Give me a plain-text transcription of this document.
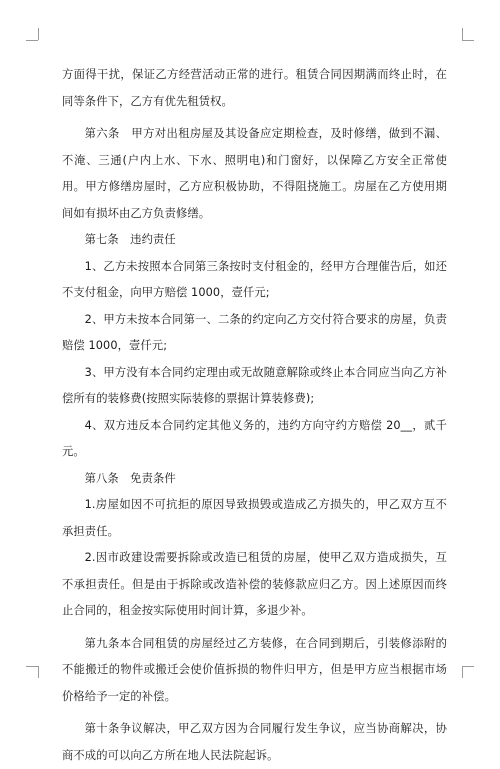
方面得干扰，保证乙方经营活动正常的进行。租赁合同因期满而终止时，在同等条件下，乙方有优先租赁权。

第六条　甲方对出租房屋及其设备应定期检查，及时修缮，做到不漏、不淹、三通(户内上水、下水、照明电)和门窗好，以保障乙方安全正常使用。甲方修缮房屋时，乙方应积极协助，不得阻挠施工。房屋在乙方使用期间如有损坏由乙方负责修缮。

第七条　违约责任

1、乙方未按照本合同第三条按时支付租金的，经甲方合理催告后，如还不支付租金，向甲方赔偿 1000，壹仟元;

2、甲方未按本合同第一、二条的约定向乙方交付符合要求的房屋，负责赔偿 1000，壹仟元;

3、甲方没有本合同约定理由或无故随意解除或终止本合同应当向乙方补偿所有的装修费(按照实际装修的票据计算装修费);

4、双方违反本合同约定其他义务的，违约方向守约方赔偿 20__，贰千元。

第八条　免责条件

1.房屋如因不可抗拒的原因导致损毁或造成乙方损失的，甲乙双方互不承担责任。

2.因市政建设需要拆除或改造已租赁的房屋，使甲乙双方造成损失，互不承担责任。但是由于拆除或改造补偿的装修款应归乙方。因上述原因而终止合同的，租金按实际使用时间计算，多退少补。

第九条本合同租赁的房屋经过乙方装修，在合同到期后，引装修添附的不能搬迁的物件或搬迁会使价值拆损的物件归甲方，但是甲方应当根据市场价格给予一定的补偿。

第十条争议解决，甲乙双方因为合同履行发生争议，应当协商解决，协商不成的可以向乙方所在地人民法院起诉。
